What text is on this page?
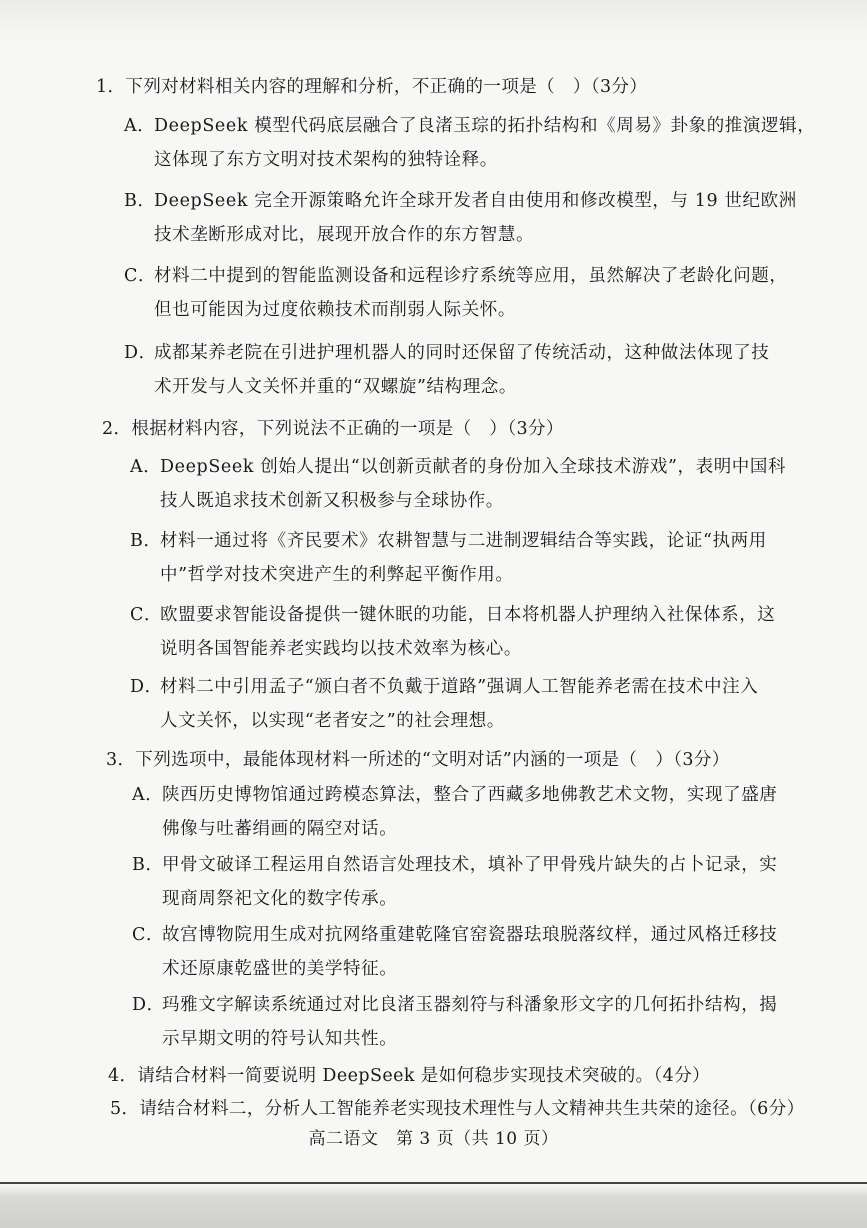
1．下列对材料相关内容的理解和分析，不正确的一项是（　）（3分）
A．DeepSeek 模型代码底层融合了良渚玉琮的拓扑结构和《周易》卦象的推演逻辑，
这体现了东方文明对技术架构的独特诠释。
B．DeepSeek 完全开源策略允许全球开发者自由使用和修改模型，与 19 世纪欧洲
技术垄断形成对比，展现开放合作的东方智慧。
C．材料二中提到的智能监测设备和远程诊疗系统等应用，虽然解决了老龄化问题，
但也可能因为过度依赖技术而削弱人际关怀。
D．成都某养老院在引进护理机器人的同时还保留了传统活动，这种做法体现了技
术开发与人文关怀并重的“双螺旋”结构理念。
2．根据材料内容，下列说法不正确的一项是（　）（3分）
A．DeepSeek 创始人提出“以创新贡献者的身份加入全球技术游戏”，表明中国科
技人既追求技术创新又积极参与全球协作。
B．材料一通过将《齐民要术》农耕智慧与二进制逻辑结合等实践，论证“执两用
中”哲学对技术突进产生的利弊起平衡作用。
C．欧盟要求智能设备提供一键休眠的功能，日本将机器人护理纳入社保体系，这
说明各国智能养老实践均以技术效率为核心。
D．材料二中引用孟子“颁白者不负戴于道路”强调人工智能养老需在技术中注入
人文关怀，以实现“老者安之”的社会理想。
3．下列选项中，最能体现材料一所述的“文明对话”内涵的一项是（　）（3分）
A．陕西历史博物馆通过跨模态算法，整合了西藏多地佛教艺术文物，实现了盛唐
佛像与吐蕃绢画的隔空对话。
B．甲骨文破译工程运用自然语言处理技术，填补了甲骨残片缺失的占卜记录，实
现商周祭祀文化的数字传承。
C．故宫博物院用生成对抗网络重建乾隆官窑瓷器珐琅脱落纹样，通过风格迁移技
术还原康乾盛世的美学特征。
D．玛雅文字解读系统通过对比良渚玉器刻符与科潘象形文字的几何拓扑结构，揭
示早期文明的符号认知共性。
4．请结合材料一简要说明 DeepSeek 是如何稳步实现技术突破的。（4分）
5．请结合材料二，分析人工智能养老实现技术理性与人文精神共生共荣的途径。（6分）
高二语文　第 3 页（共 10 页）
